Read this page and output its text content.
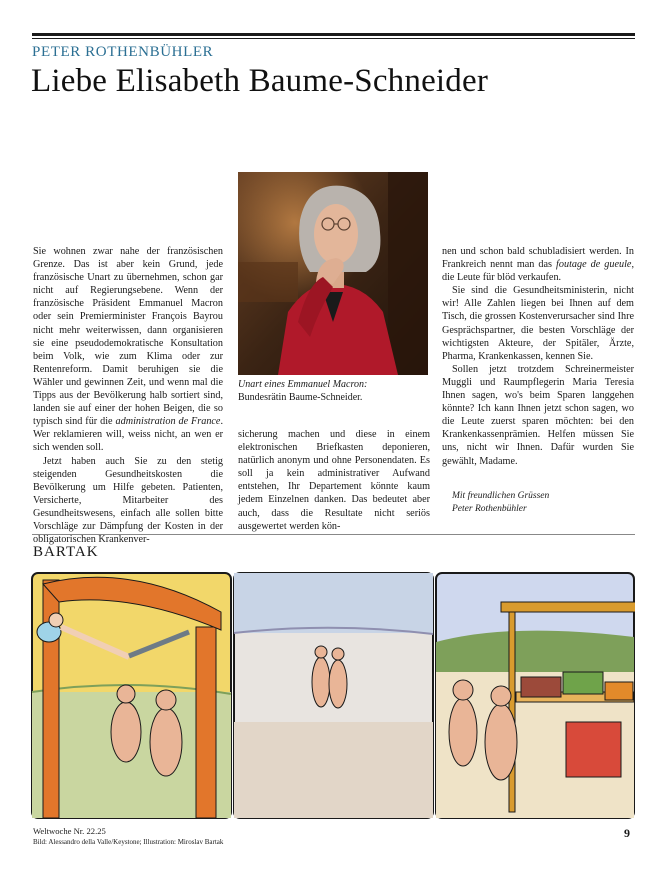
PETER ROTHENBÜHLER
Liebe Elisabeth Baume-Schneider
Unart eines Emmanuel Macron:
Bundesrätin Baume-Schneider.

Sie wohnen zwar nahe der französischen Grenze. Das ist aber kein Grund, jede französische Unart zu übernehmen, schon gar nicht auf Regierungsebene. Wenn der französische Präsident Emmanuel Macron oder sein Premierminister François Bayrou nicht mehr weiterwissen, dann organisieren sie eine pseudodemokratische Konsultation beim Volk, wie zum Klima oder zur Rentenreform. Damit beruhigen sie die Wähler und gewinnen Zeit, und wenn mal die Tipps aus der Bevölkerung halb sortiert sind, landen sie auf einer der hohen Beigen, die so typisch sind für die administration de France. Wer reklamieren will, weiss nicht, an wen er sich wenden soll.

Jetzt haben auch Sie zu den stetig steigenden Gesundheitskosten die Bevölkerung um Hilfe gebeten. Patienten, Versicherte, Mitarbeiter des Gesundheitswesens, einfach alle sollen bitte Vorschläge zur Dämpfung der Kosten in der obligatorischen Krankenver-

sicherung machen und diese in einem elektronischen Briefkasten deponieren, natürlich anonym und ohne Personendaten. Es soll ja kein administrativer Aufwand entstehen, Ihr Departement könnte kaum jedem Einzelnen danken. Das bedeutet aber auch, dass die Resultate nicht seriös ausgewertet werden kön-

nen und schon bald schubladisiert werden. In Frankreich nennt man das foutage de gueule, die Leute für blöd verkaufen.

Sie sind die Gesundheitsministerin, nicht wir! Alle Zahlen liegen bei Ihnen auf dem Tisch, die grossen Kostenverursacher sind Ihre Gesprächspartner, die besten Vorschläge der wichtigsten Akteure, der Spitäler, Ärzte, Pharma, Krankenkassen, kennen Sie.

Sollen jetzt trotzdem Schreinermeister Muggli und Raumpflegerin Maria Teresia Ihnen sagen, wo's beim Sparen langgehen könnte? Ich kann Ihnen jetzt schon sagen, wo die Leute zuerst sparen möchten: bei den Krankenkassenprämien. Helfen müssen Sie uns, nicht wir Ihnen. Dafür wurden Sie gewählt, Madame.

Mit freundlichen Grüssen
Peter Rothenbühler
BARTAK
Weltwoche Nr. 22.25
Bild: Alessandro della Valle/Keystone; Illustration: Miroslav Bartak
9
